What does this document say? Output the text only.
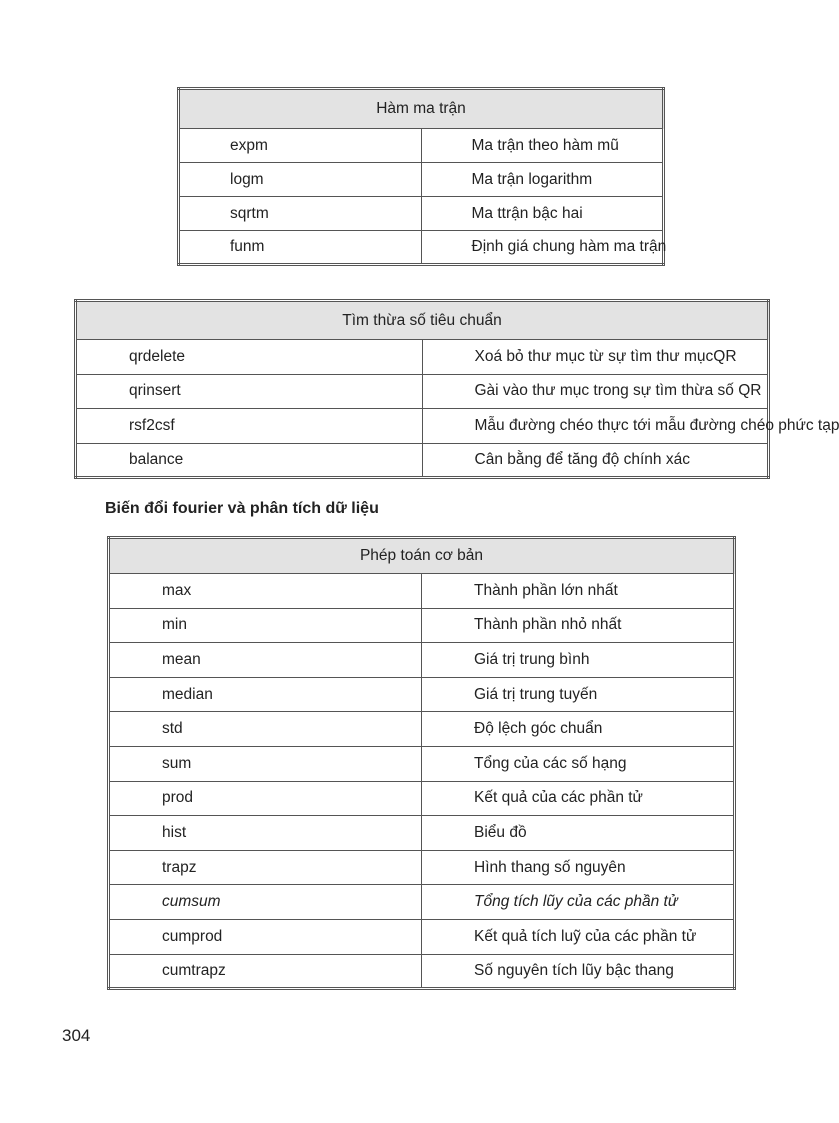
Hàm ma trận	
expm	Ma trận theo hàm mũ
logm	Ma trận logarithm
sqrtm	Ma ttrận bậc hai
funm	Định giá chung hàm ma trận
Tìm thừa số tiêu chuẩn	
qrdelete	Xoá bỏ thư mục từ sự tìm thư mụcQR
qrinsert	Gài vào thư mục trong sự tìm thừa số QR
rsf2csf	Mẫu đường chéo thực tới mẫu đường chéo phức tạp
balance	Cân bằng để tăng độ chính xác
Biến đổi fourier và phân tích dữ liệu
Phép toán cơ bản	
max	Thành phần lớn nhất
min	Thành phần nhỏ nhất
mean	Giá trị trung bình
median	Giá trị trung tuyến
std	Độ lệch góc chuẩn
sum	Tổng của các số hạng
prod	Kết quả của các phần tử
hist	Biểu đồ
trapz	Hình thang số nguyên
cumsum	Tổng tích lũy của các phần tử
cumprod	Kết quả tích luỹ của các phần tử
cumtrapz	Số nguyên tích lũy bậc thang
304
